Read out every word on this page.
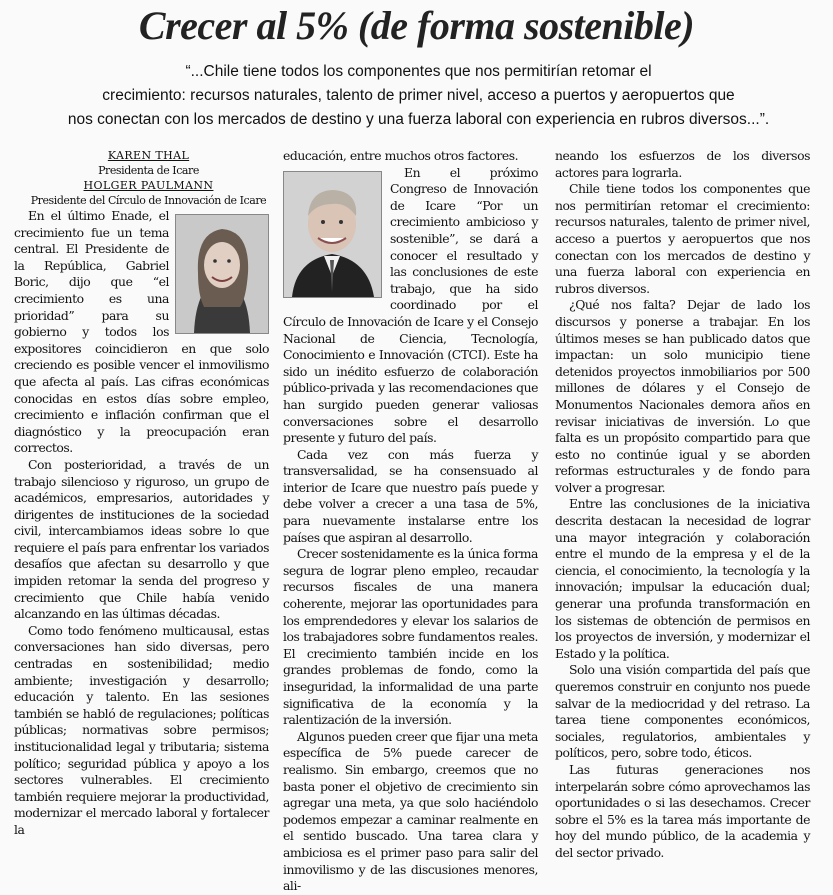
Crecer al 5% (de forma sostenible)

“...Chile tiene todos los componentes que nos permitirían retomar el
crecimiento: recursos naturales, talento de primer nivel, acceso a puertos y aeropuertos que
nos conectan con los mercados de destino y una fuerza laboral con experiencia en rubros diversos...”.

KAREN THAL

Presidenta de Icare

HOLGER PAULMANN

Presidente del Círculo de Innovación de Icare

En el último Enade, el crecimiento fue un tema central. El Presidente de la República, Gabriel Boric, dijo que “el crecimiento es una prioridad” para su gobierno y todos los expositores coincidieron en que solo creciendo es posible vencer el inmovilismo que afecta al país. Las cifras económicas conocidas en estos días sobre empleo, crecimiento e inflación confirman que el diagnóstico y la preocupación eran correctos.

Con posterioridad, a través de un trabajo silencioso y riguroso, un grupo de académicos, empresarios, autoridades y dirigentes de instituciones de la sociedad civil, intercambiamos ideas sobre lo que requiere el país para enfrentar los variados desafíos que afectan su desarrollo y que impiden retomar la senda del progreso y crecimiento que Chile había venido alcanzando en las últimas décadas.

Como todo fenómeno multicausal, estas conversaciones han sido diversas, pero centradas en sostenibilidad; medio ambiente; investigación y desarrollo; educación y talento. En las sesiones también se habló de regulaciones; políticas públicas; normativas sobre permisos; institucionalidad legal y tributaria; sistema político; seguridad pública y apoyo a los sectores vulnerables. El crecimiento también requiere mejorar la productividad, modernizar el mercado laboral y fortalecer la

educación, entre muchos otros factores.

En el próximo Congreso de Innovación de Icare “Por un crecimiento ambicioso y sostenible”, se dará a conocer el resultado y las conclusiones de este trabajo, que ha sido coordinado por el Círculo de Innovación de Icare y el Consejo Nacional de Ciencia, Tecnología, Conocimiento e Innovación (CTCI). Este ha sido un inédito esfuerzo de colaboración público-privada y las recomendaciones que han surgido pueden generar valiosas conversaciones sobre el desarrollo presente y futuro del país.

Cada vez con más fuerza y transversalidad, se ha consensuado al interior de Icare que nuestro país puede y debe volver a crecer a una tasa de 5%, para nuevamente instalarse entre los países que aspiran al desarrollo.

Crecer sostenidamente es la única forma segura de lograr pleno empleo, recaudar recursos fiscales de una manera coherente, mejorar las oportunidades para los emprendedores y elevar los salarios de los trabajadores sobre fundamentos reales. El crecimiento también incide en los grandes problemas de fondo, como la inseguridad, la informalidad de una parte significativa de la economía y la ralentización de la inversión.

Algunos pueden creer que fijar una meta específica de 5% puede carecer de realismo. Sin embargo, creemos que no basta poner el objetivo de crecimiento sin agregar una meta, ya que solo haciéndolo podemos empezar a caminar realmente en el sentido buscado. Una tarea clara y ambiciosa es el primer paso para salir del inmovilismo y de las discusiones menores, ali-

neando los esfuerzos de los diversos actores para lograrla.

Chile tiene todos los componentes que nos permitirían retomar el crecimiento: recursos naturales, talento de primer nivel, acceso a puertos y aeropuertos que nos conectan con los mercados de destino y una fuerza laboral con experiencia en rubros diversos.

¿Qué nos falta? Dejar de lado los discursos y ponerse a trabajar. En los últimos meses se han publicado datos que impactan: un solo municipio tiene detenidos proyectos inmobiliarios por 500 millones de dólares y el Consejo de Monumentos Nacionales demora años en revisar iniciativas de inversión. Lo que falta es un propósito compartido para que esto no continúe igual y se aborden reformas estructurales y de fondo para volver a progresar.

Entre las conclusiones de la iniciativa descrita destacan la necesidad de lograr una mayor integración y colaboración entre el mundo de la empresa y el de la ciencia, el conocimiento, la tecnología y la innovación; impulsar la educación dual; generar una profunda transformación en los sistemas de obtención de permisos en los proyectos de inversión, y modernizar el Estado y la política.

Solo una visión compartida del país que queremos construir en conjunto nos puede salvar de la mediocridad y del retraso. La tarea tiene componentes económicos, sociales, regulatorios, ambientales y políticos, pero, sobre todo, éticos.

Las futuras generaciones nos interpelarán sobre cómo aprovechamos las oportunidades o si las desechamos. Crecer sobre el 5% es la tarea más importante de hoy del mundo público, de la academia y del sector privado.
